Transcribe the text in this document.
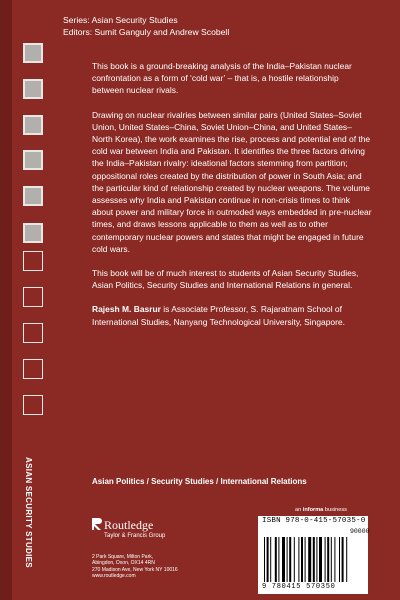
Series: Asian Security Studies
Editors: Sumit Ganguly and Andrew Scobell
ASIAN SECURITY STUDIES

This book is a ground-breaking analysis of the India–Pakistan nuclear confrontation as a form of ‘cold war’ – that is, a hostile relationship between nuclear rivals.

Drawing on nuclear rivalries between similar pairs (United States–Soviet Union, United States–China, Soviet Union–China, and United States–North Korea), the work examines the rise, process and potential end of the cold war between India and Pakistan. It identifies the three factors driving the India–Pakistan rivalry: ideational factors stemming from partition; oppositional roles created by the distribution of power in South Asia; and the particular kind of relationship created by nuclear weapons. The volume assesses why India and Pakistan continue in non-crisis times to think about power and military force in outmoded ways embedded in pre-nuclear times, and draws lessons applicable to them as well as to other contemporary nuclear powers and states that might be engaged in future cold wars.

This book will be of much interest to students of Asian Security Studies, Asian Politics, Security Studies and International Relations in general.

Rajesh M. Basrur is Associate Professor, S. Rajaratnam School of International Studies, Nanyang Technological University, Singapore.

Asian Politics / Security Studies / International Relations
Routledge
Taylor & Francis Group
2 Park Square, Milton Park,
Abingdon, Oxon, OX14 4RN
270 Madison Ave, New York NY 10016
www.routledge.com
an informa business
ISBN 978-0-415-57035-0
90000
9 780415 570350
